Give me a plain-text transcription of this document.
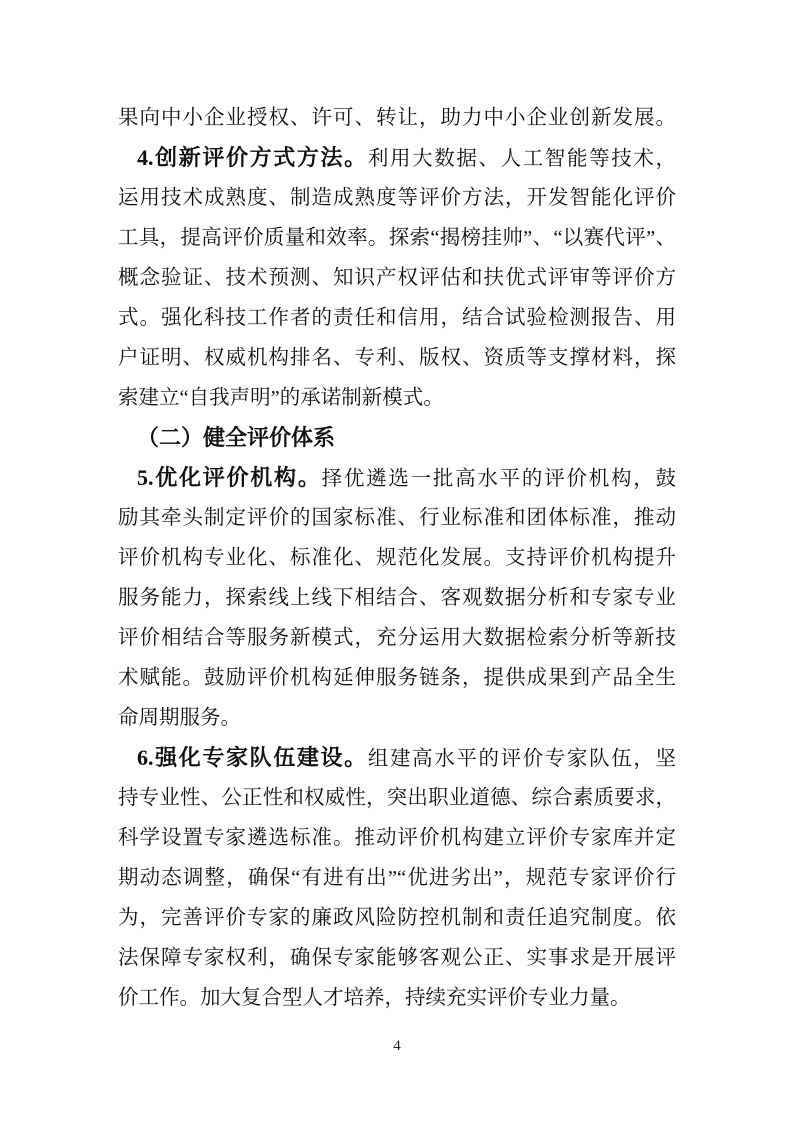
果向中小企业授权、许可、转让，助力中小企业创新发展。
4.创新评价方式方法。利用大数据、人工智能等技术，
运用技术成熟度、制造成熟度等评价方法，开发智能化评价
工具，提高评价质量和效率。探索“揭榜挂帅”、“以赛代评”、
概念验证、技术预测、知识产权评估和扶优式评审等评价方
式。强化科技工作者的责任和信用，结合试验检测报告、用
户证明、权威机构排名、专利、版权、资质等支撑材料，探
索建立“自我声明”的承诺制新模式。
（二）健全评价体系
5.优化评价机构。择优遴选一批高水平的评价机构，鼓
励其牵头制定评价的国家标准、行业标准和团体标准，推动
评价机构专业化、标准化、规范化发展。支持评价机构提升
服务能力，探索线上线下相结合、客观数据分析和专家专业
评价相结合等服务新模式，充分运用大数据检索分析等新技
术赋能。鼓励评价机构延伸服务链条，提供成果到产品全生
命周期服务。
6.强化专家队伍建设。组建高水平的评价专家队伍，坚
持专业性、公正性和权威性，突出职业道德、综合素质要求，
科学设置专家遴选标准。推动评价机构建立评价专家库并定
期动态调整，确保“有进有出”“优进劣出”，规范专家评价行
为，完善评价专家的廉政风险防控机制和责任追究制度。依
法保障专家权利，确保专家能够客观公正、实事求是开展评
价工作。加大复合型人才培养，持续充实评价专业力量。
4
